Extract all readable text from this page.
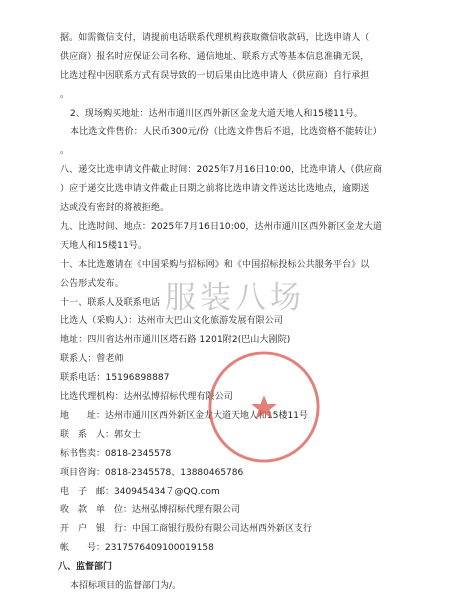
据。如需微信支付，请提前电话联系代理机构获取微信收款码，比选申请人（
供应商）报名时应保证公司名称、通信地址、联系方式等基本信息准确无误，
比选过程中因联系方式有误导致的一切后果由比选申请人（供应商）自行承担
。
2、现场购买地址：达州市通川区西外新区金龙大道天地人和15楼11号。
本比选文件售价：人民币300元/份（比选文件售后不退，比选资格不能转让）
。
八、递交比选申请文件截止时间：2025年7月16日10:00，比选申请人（供应商
）应于递交比选申请文件截止日期之前将比选申请文件送达比选地点，逾期送
达或没有密封的将被拒绝。
九、比选时间、地点：2025年7月16日10:00，达州市通川区西外新区金龙大道
天地人和15楼11号。
十、本比选邀请在《中国采购与招标网》和《中国招标投标公共服务平台》以
公告形式发布。
十一、联系人及联系电话
比选人（采购人）：达州市大巴山文化旅游发展有限公司
地址：四川省达州市通川区塔石路 1201附2(巴山大剧院)
联系人：曾老师
联系电话：15196898887
比选代理机构：达州弘博招标代理有限公司
地　　址：达州市通川区西外新区金龙大道天地人和15楼11号
服装八场
联　系　人：郭女士
标书售卖：0818-2345578
项目咨询：0818-2345578、13880465786
电　子　邮：340945434７@QQ.com
收　款　单　位：达州弘博招标代理有限公司
开　户　银　行：中国工商银行股份有限公司达州西外新区支行
帐　　号：2317576409100019158
八、监督部门
本招标项目的监督部门为/。
